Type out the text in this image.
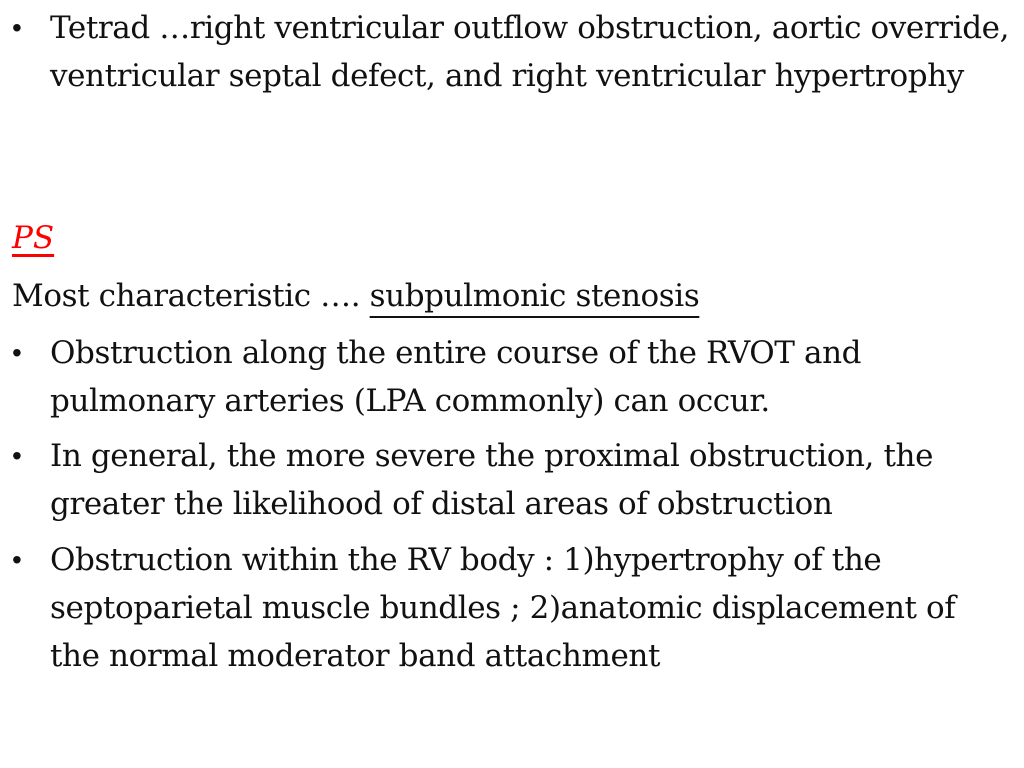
• Tetrad …right ventricular outflow obstruction, aortic override, ventricular septal defect, and right ventricular hypertrophy
PS
Most characteristic …. subpulmonic stenosis
• Obstruction along the entire course of the RVOT and pulmonary arteries (LPA commonly) can occur.
• In general, the more severe the proximal obstruction, the greater the likelihood of distal areas of obstruction
• Obstruction within the RV body : 1)hypertrophy of the septoparietal muscle bundles ; 2)anatomic displacement of the normal moderator band attachment
